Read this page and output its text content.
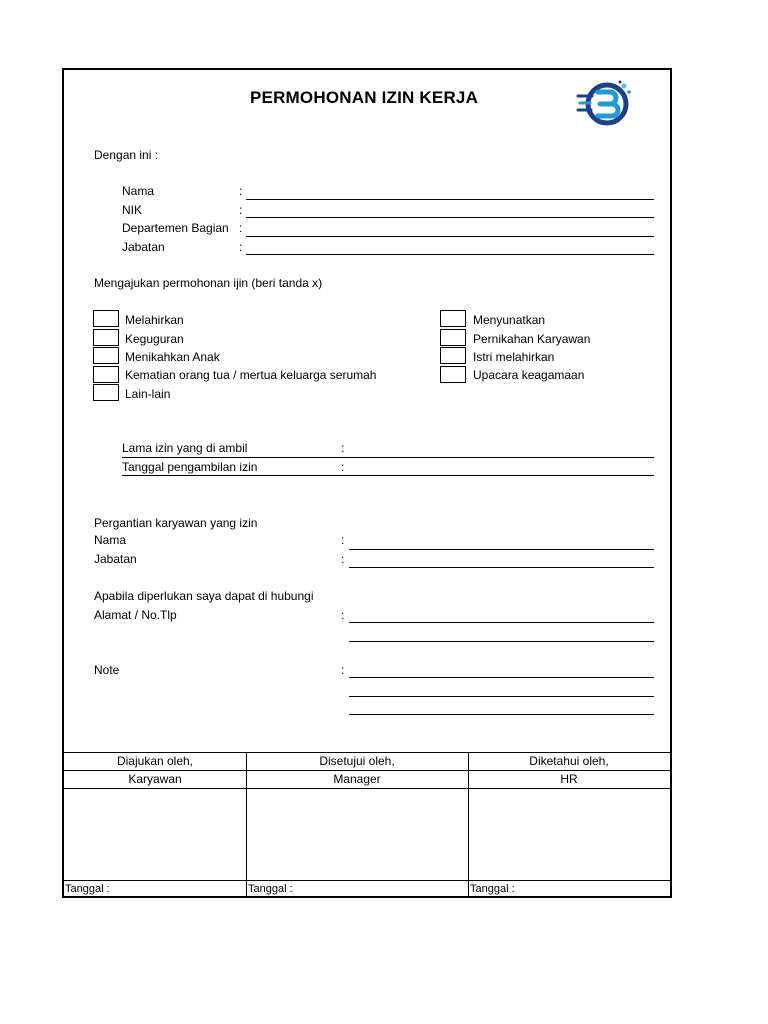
PERMOHONAN IZIN KERJA
Dengan ini :
Nama	:
NIK	:
Departemen Bagian :
Jabatan	:
Mengajukan permohonan ijin (beri tanda x)
Melahirkan
Keguguran
Menikahkan Anak
Kematian orang tua / mertua keluarga serumah
Lain-lain
Menyunatkan
Pernikahan Karyawan
Istri melahirkan
Upacara keagamaan
Lama izin yang di ambil	:
Tanggal pengambilan izin	:
Pergantian karyawan yang izin
Nama	:
Jabatan	:
Apabila diperlukan saya dapat di hubungi
Alamat / No.Tlp	:
Note	:
Diajukan oleh,	Disetujui oleh,	Diketahui oleh,
Karyawan	Manager	HR
Tanggal :	Tanggal :	Tanggal :
